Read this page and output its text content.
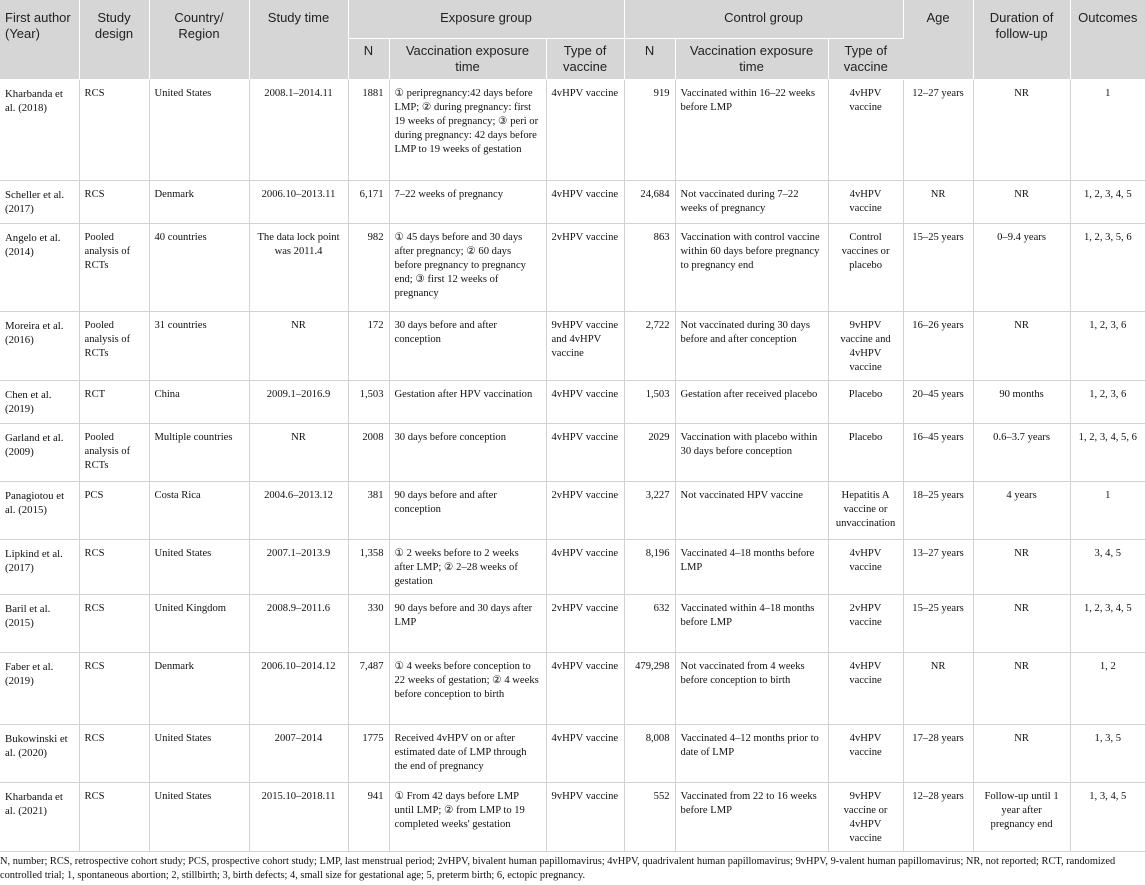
First author (Year)	Study design	Country/ Region	Study time	Exposure group			Control group			Age	Duration of follow-up	Outcomes
				N	Vaccination exposure time	Type of vaccine	N	Vaccination exposure time	Type of vaccine			
Kharbanda et al. (2018)	RCS	United States	2008.1–2014.11	1881	① peripregnancy:42 days before LMP; ② during pregnancy: first 19 weeks of pregnancy; ③ peri or during pregnancy: 42 days before LMP to 19 weeks of gestation	4vHPV vaccine	919	Vaccinated within 16–22 weeks before LMP	4vHPV vaccine	12–27 years	NR	1
Scheller et al. (2017)	RCS	Denmark	2006.10–2013.11	6,171	7–22 weeks of pregnancy	4vHPV vaccine	24,684	Not vaccinated during 7–22 weeks of pregnancy	4vHPV vaccine	NR	NR	1, 2, 3, 4, 5
Angelo et al. (2014)	Pooled analysis of RCTs	40 countries	The data lock point was 2011.4	982	① 45 days before and 30 days after pregnancy; ② 60 days before pregnancy to pregnancy end; ③ first 12 weeks of pregnancy	2vHPV vaccine	863	Vaccination with control vaccine within 60 days before pregnancy to pregnancy end	Control vaccines or placebo	15–25 years	0–9.4 years	1, 2, 3, 5, 6
Moreira et al. (2016)	Pooled analysis of RCTs	31 countries	NR	172	30 days before and after conception	9vHPV vaccine and 4vHPV vaccine	2,722	Not vaccinated during 30 days before and after conception	9vHPV vaccine and 4vHPV vaccine	16–26 years	NR	1, 2, 3, 6
Chen et al. (2019)	RCT	China	2009.1–2016.9	1,503	Gestation after HPV vaccination	4vHPV vaccine	1,503	Gestation after received placebo	Placebo	20–45 years	90 months	1, 2, 3, 6
Garland et al. (2009)	Pooled analysis of RCTs	Multiple countries	NR	2008	30 days before conception	4vHPV vaccine	2029	Vaccination with placebo within 30 days before conception	Placebo	16–45 years	0.6–3.7 years	1, 2, 3, 4, 5, 6
Panagiotou et al. (2015)	PCS	Costa Rica	2004.6–2013.12	381	90 days before and after conception	2vHPV vaccine	3,227	Not vaccinated HPV vaccine	Hepatitis A vaccine or unvaccination	18–25 years	4 years	1
Lipkind et al. (2017)	RCS	United States	2007.1–2013.9	1,358	① 2 weeks before to 2 weeks after LMP; ② 2–28 weeks of gestation	4vHPV vaccine	8,196	Vaccinated 4–18 months before LMP	4vHPV vaccine	13–27 years	NR	3, 4, 5
Baril et al. (2015)	RCS	United Kingdom	2008.9–2011.6	330	90 days before and 30 days after LMP	2vHPV vaccine	632	Vaccinated within 4–18 months before LMP	2vHPV vaccine	15–25 years	NR	1, 2, 3, 4, 5
Faber et al. (2019)	RCS	Denmark	2006.10–2014.12	7,487	① 4 weeks before conception to 22 weeks of gestation; ② 4 weeks before conception to birth	4vHPV vaccine	479,298	Not vaccinated from 4 weeks before conception to birth	4vHPV vaccine	NR	NR	1, 2
Bukowinski et al. (2020)	RCS	United States	2007–2014	1775	Received 4vHPV on or after estimated date of LMP through the end of pregnancy	4vHPV vaccine	8,008	Vaccinated 4–12 months prior to date of LMP	4vHPV vaccine	17–28 years	NR	1, 3, 5
Kharbanda et al. (2021)	RCS	United States	2015.10–2018.11	941	① From 42 days before LMP until LMP; ② from LMP to 19 completed weeks' gestation	9vHPV vaccine	552	Vaccinated from 22 to 16 weeks before LMP	9vHPV vaccine or 4vHPV vaccine	12–28 years	Follow-up until 1 year after pregnancy end	1, 3, 4, 5
N, number; RCS, retrospective cohort study; PCS, prospective cohort study; LMP, last menstrual period; 2vHPV, bivalent human papillomavirus; 4vHPV, quadrivalent human papillomavirus; 9vHPV, 9-valent human papillomavirus; NR, not reported; RCT, randomized controlled trial; 1, spontaneous abortion; 2, stillbirth; 3, birth defects; 4, small size for gestational age; 5, preterm birth; 6, ectopic pregnancy.
